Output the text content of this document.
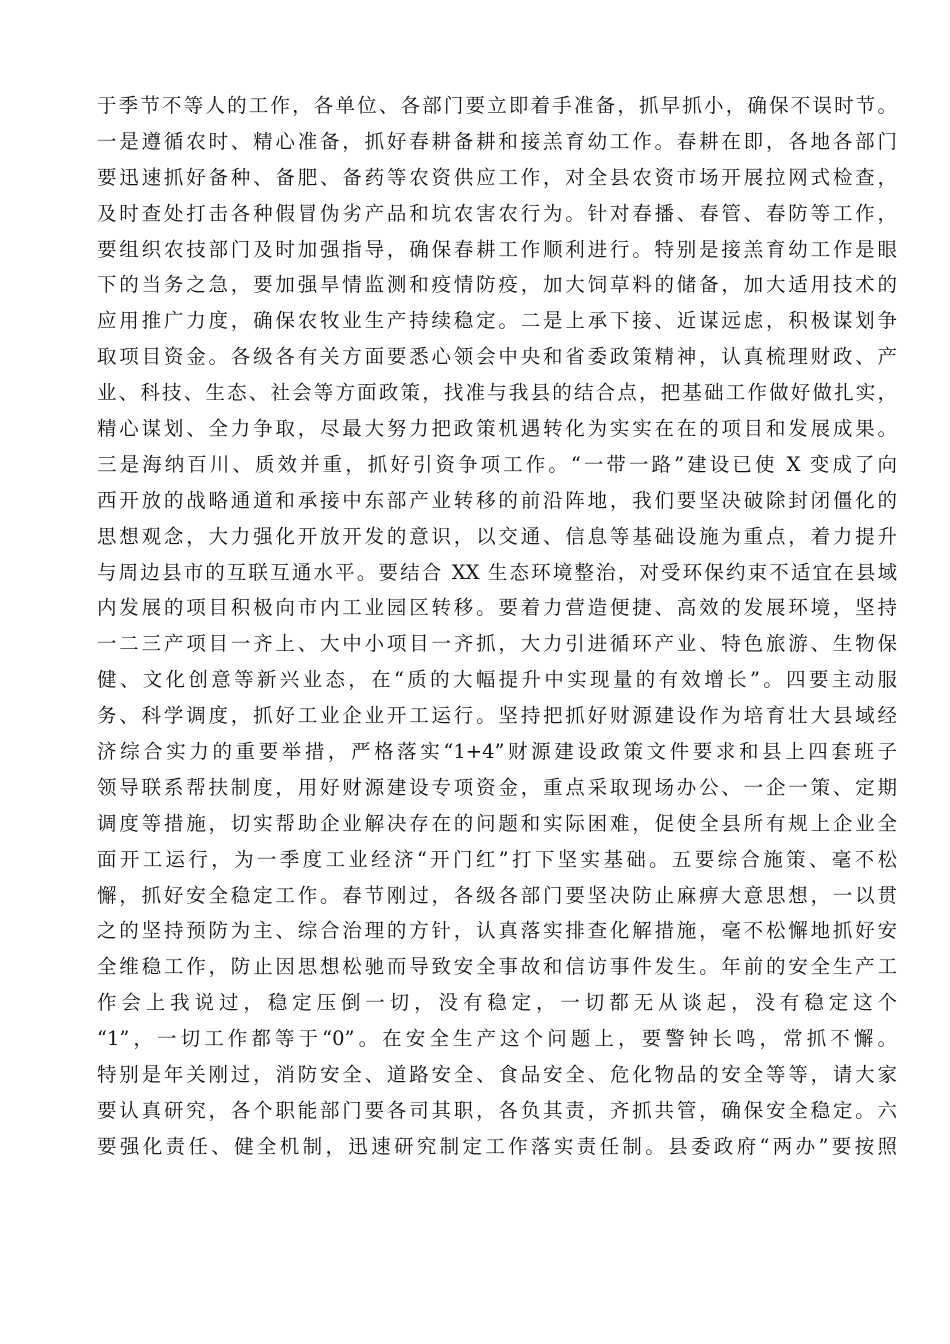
于季节不等人的工作，各单位、各部门要立即着手准备，抓早抓小，确保不误时节。
一是遵循农时、精心准备，抓好春耕备耕和接羔育幼工作。春耕在即，各地各部门
要迅速抓好备种、备肥、备药等农资供应工作，对全县农资市场开展拉网式检查，
及时查处打击各种假冒伪劣产品和坑农害农行为。针对春播、春管、春防等工作，
要组织农技部门及时加强指导，确保春耕工作顺利进行。特别是接羔育幼工作是眼
下的当务之急，要加强旱情监测和疫情防疫，加大饲草料的储备，加大适用技术的
应用推广力度，确保农牧业生产持续稳定。二是上承下接、近谋远虑，积极谋划争
取项目资金。各级各有关方面要悉心领会中央和省委政策精神，认真梳理财政、产
业、科技、生态、社会等方面政策，找准与我县的结合点，把基础工作做好做扎实，
精心谋划、全力争取，尽最大努力把政策机遇转化为实实在在的项目和发展成果。
三是海纳百川、质效并重，抓好引资争项工作。“一带一路”建设已使 X 变成了向
西开放的战略通道和承接中东部产业转移的前沿阵地，我们要坚决破除封闭僵化的
思想观念，大力强化开放开发的意识，以交通、信息等基础设施为重点，着力提升
与周边县市的互联互通水平。要结合 XX 生态环境整治，对受环保约束不适宜在县域
内发展的项目积极向市内工业园区转移。要着力营造便捷、高效的发展环境，坚持
一二三产项目一齐上、大中小项目一齐抓，大力引进循环产业、特色旅游、生物保
健、文化创意等新兴业态，在“质的大幅提升中实现量的有效增长”。四要主动服
务、科学调度，抓好工业企业开工运行。坚持把抓好财源建设作为培育壮大县域经
济综合实力的重要举措，严格落实“1+4”财源建设政策文件要求和县上四套班子
领导联系帮扶制度，用好财源建设专项资金，重点采取现场办公、一企一策、定期
调度等措施，切实帮助企业解决存在的问题和实际困难，促使全县所有规上企业全
面开工运行，为一季度工业经济“开门红”打下坚实基础。五要综合施策、毫不松
懈，抓好安全稳定工作。春节刚过，各级各部门要坚决防止麻痹大意思想，一以贯
之的坚持预防为主、综合治理的方针，认真落实排查化解措施，毫不松懈地抓好安
全维稳工作，防止因思想松驰而导致安全事故和信访事件发生。年前的安全生产工
作会上我说过，稳定压倒一切，没有稳定，一切都无从谈起，没有稳定这个
“1”，一切工作都等于“0”。在安全生产这个问题上，要警钟长鸣，常抓不懈。
特别是年关刚过，消防安全、道路安全、食品安全、危化物品的安全等等，请大家
要认真研究，各个职能部门要各司其职，各负其责，齐抓共管，确保安全稳定。六
要强化责任、健全机制，迅速研究制定工作落实责任制。县委政府“两办”要按照
